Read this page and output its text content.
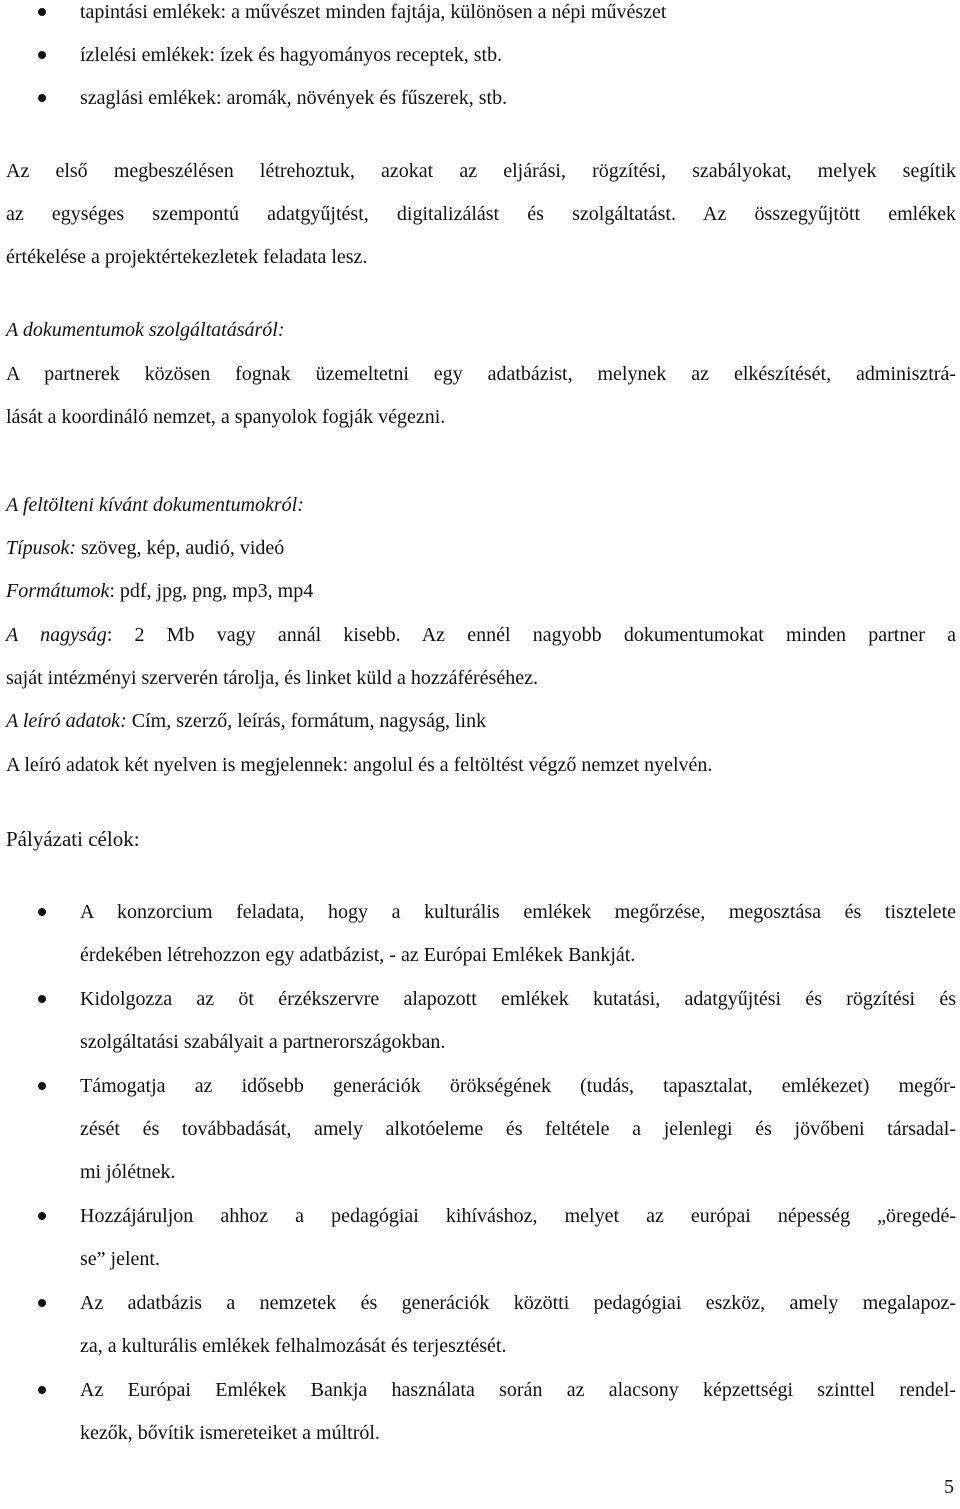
tapintási emlékek: a művészet minden fajtája, különösen a népi művészet
ízlelési emlékek: ízek és hagyományos receptek, stb.
szaglási emlékek: aromák, növények és fűszerek, stb.
Az első megbeszélésen létrehoztuk, azokat az eljárási, rögzítési, szabályokat, melyek segítik
az egységes szempontú adatgyűjtést, digitalizálást és szolgáltatást. Az összegyűjtött emlékek
értékelése a projektértekezletek feladata lesz.
A dokumentumok szolgáltatásáról:
A partnerek közösen fognak üzemeltetni egy adatbázist, melynek az elkészítését, adminisztrá-
lását a koordináló nemzet, a spanyolok fogják végezni.
A feltölteni kívánt dokumentumokról:
Típusok: szöveg, kép, audió, videó
Formátumok: pdf, jpg, png, mp3, mp4
A nagyság: 2 Mb vagy annál kisebb. Az ennél nagyobb dokumentumokat minden partner a
saját intézményi szerverén tárolja, és linket küld a hozzáféréséhez.
A leíró adatok: Cím, szerző, leírás, formátum, nagyság, link
A leíró adatok két nyelven is megjelennek: angolul és a feltöltést végző nemzet nyelvén.
Pályázati célok:
A konzorcium feladata, hogy a kulturális emlékek megőrzése, megosztása és tisztelete
érdekében létrehozzon egy adatbázist, - az Európai Emlékek Bankját.
Kidolgozza az öt érzékszervre alapozott emlékek kutatási, adatgyűjtési és rögzítési és
szolgáltatási szabályait a partnerországokban.
Támogatja az idősebb generációk örökségének (tudás, tapasztalat, emlékezet) megőr-
zését és továbbadását, amely alkotóeleme és feltétele a jelenlegi és jövőbeni társadal-
mi jólétnek.
Hozzájáruljon ahhoz a pedagógiai kihíváshoz, melyet az európai népesség „öregedé-
se” jelent.
Az adatbázis a nemzetek és generációk közötti pedagógiai eszköz, amely megalapoz-
za, a kulturális emlékek felhalmozását és terjesztését.
Az Európai Emlékek Bankja használata során az alacsony képzettségi szinttel rendel-
kezők, bővítik ismereteiket a múltról.
5
